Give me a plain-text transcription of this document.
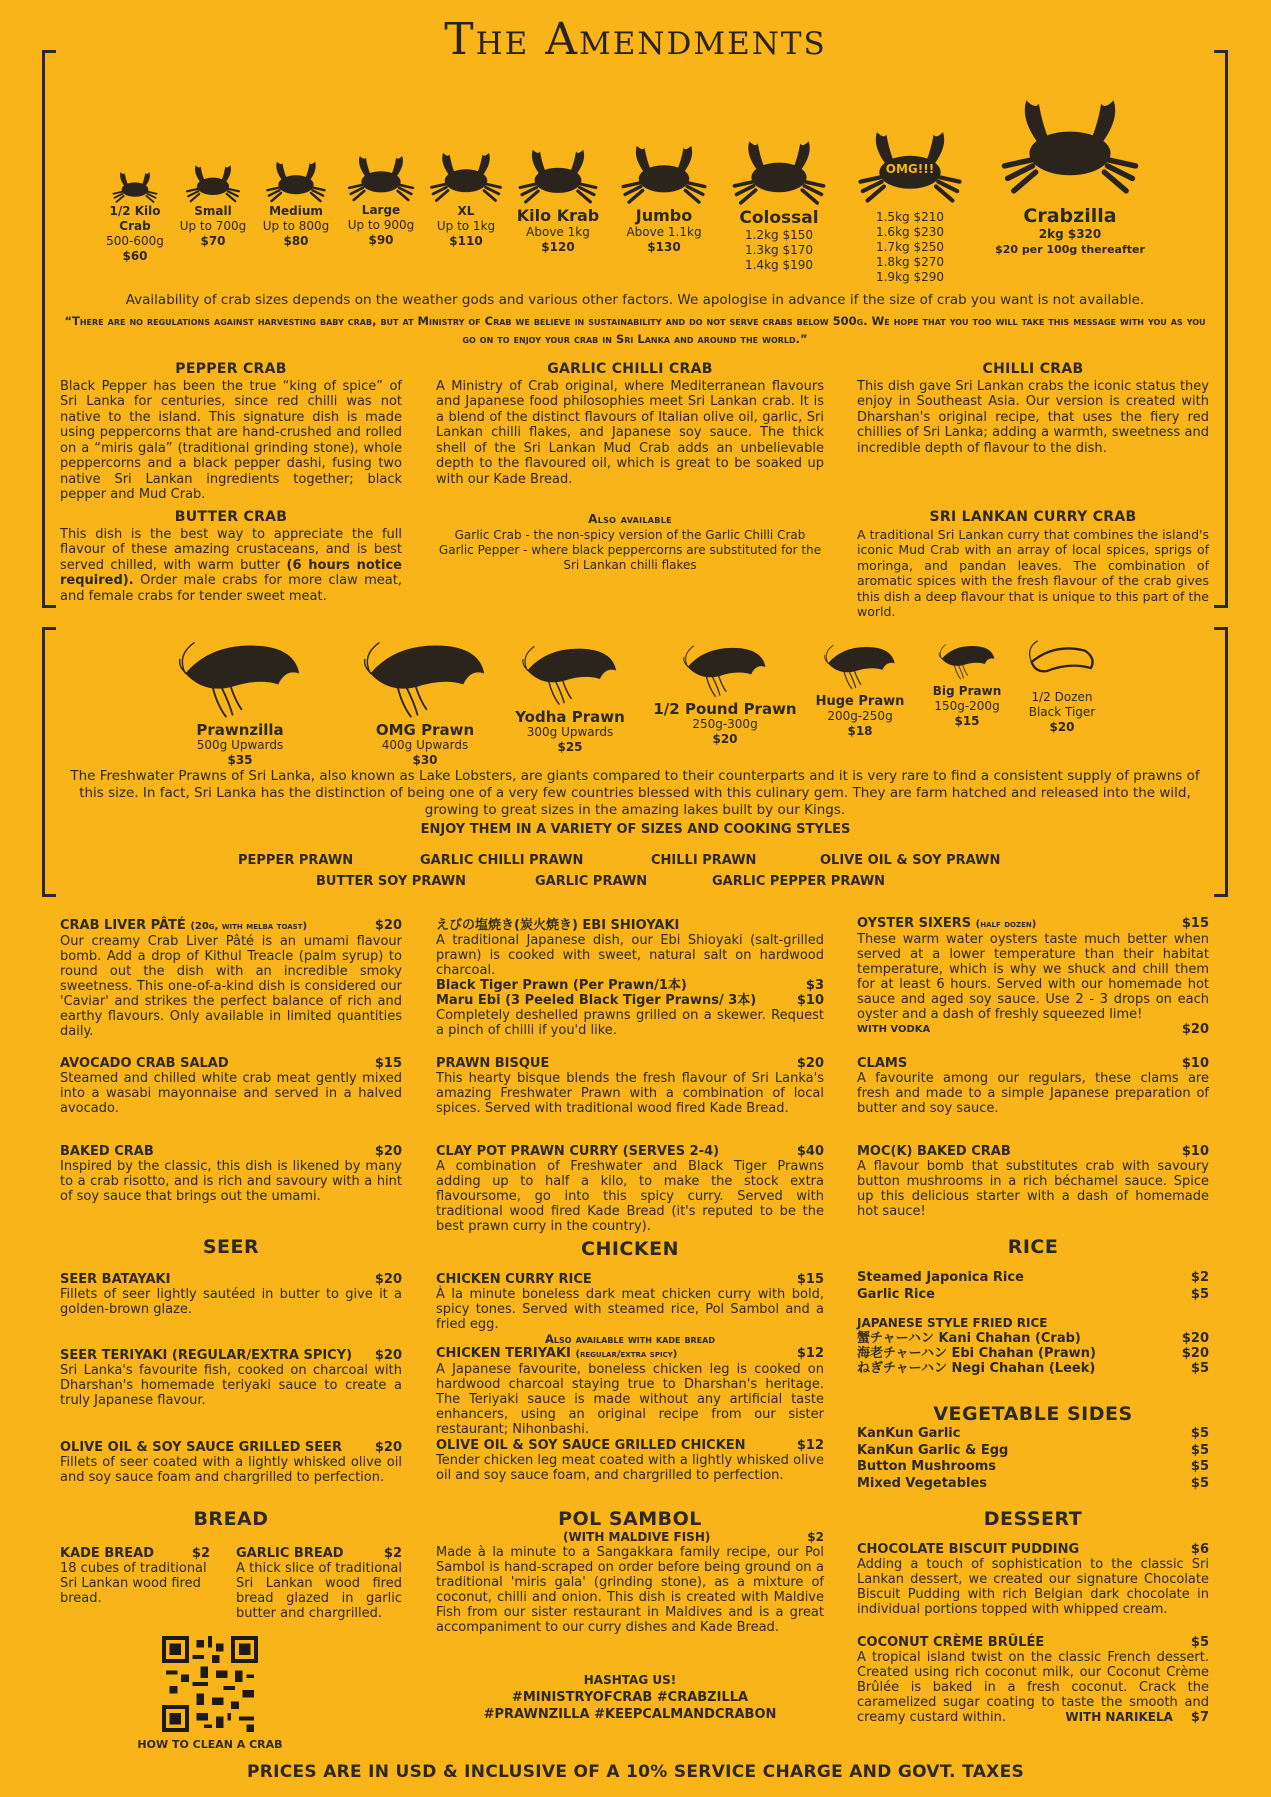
The Amendments
1/2 Kilo Crab
500-600g
$60
Small
Up to 700g
$70
Medium
Up to 800g
$80
Large
Up to 900g
$90
XL
Up to 1kg
$110
Kilo Krab
Above 1kg
$120
Jumbo
Above 1.1kg
$130
Colossal
1.2kg $150
1.3kg $170
1.4kg $190
OMG!!!
1.5kg $210
1.6kg $230
1.7kg $250
1.8kg $270
1.9kg $290
Crabzilla
2kg $320
$20 per 100g thereafter
Availability of crab sizes depends on the weather gods and various other factors. We apologise in advance if the size of crab you want is not available.
“There are no regulations against harvesting baby crab, but at Ministry of Crab we believe in sustainability and do not serve crabs below 500g. We hope that you too will take this message with you as you go on to enjoy your crab in Sri Lanka and around the world.”
PEPPER CRAB

Black Pepper has been the true “king of spice” of Sri Lanka for centuries, since red chilli was not native to the island. This signature dish is made using peppercorns that are hand-crushed and rolled on a “miris gala” (traditional grinding stone), whole peppercorns and a black pepper dashi, fusing two native Sri Lankan ingredients together; black pepper and Mud Crab.

GARLIC CHILLI CRAB

A Ministry of Crab original, where Mediterranean flavours and Japanese food philosophies meet Sri Lankan crab. It is a blend of the distinct flavours of Italian olive oil, garlic, Sri Lankan chilli flakes, and Japanese soy sauce. The thick shell of the Sri Lankan Mud Crab adds an unbelievable depth to the flavoured oil, which is great to be soaked up with our Kade Bread.

CHILLI CRAB

This dish gave Sri Lankan crabs the iconic status they enjoy in Southeast Asia. Our version is created with Dharshan's original recipe, that uses the fiery red chillies of Sri Lanka; adding a warmth, sweetness and incredible depth of flavour to the dish.

BUTTER CRAB

This dish is the best way to appreciate the full flavour of these amazing crustaceans, and is best served chilled, with warm butter (6 hours notice required). Order male crabs for more claw meat, and female crabs for tender sweet meat.

Also available

Garlic Crab - the non-spicy version of the Garlic Chilli Crab

Garlic Pepper - where black peppercorns are substituted for the Sri Lankan chilli flakes

SRI LANKAN CURRY CRAB

A traditional Sri Lankan curry that combines the island's iconic Mud Crab with an array of local spices, sprigs of moringa, and pandan leaves. The combination of aromatic spices with the fresh flavour of the crab gives this dish a deep flavour that is unique to this part of the world.

Prawnzilla
500g Upwards
$35
OMG Prawn
400g Upwards
$30
Yodha Prawn
300g Upwards
$25
1/2 Pound Prawn
250g-300g
$20
Huge Prawn
200g-250g
$18
Big Prawn
150g-200g
$15
1/2 Dozen Black Tiger
$20
The Freshwater Prawns of Sri Lanka, also known as Lake Lobsters, are giants compared to their counterparts and it is very rare to find a consistent supply of prawns of this size. In fact, Sri Lanka has the distinction of being one of a very few countries blessed with this culinary gem. They are farm hatched and released into the wild, growing to great sizes in the amazing lakes built by our Kings.
ENJOY THEM IN A VARIETY OF SIZES AND COOKING STYLES
PEPPER PRAWN	GARLIC CHILLI PRAWN	CHILLI PRAWN	OLIVE OIL & SOY PRAWN
BUTTER SOY PRAWN	GARLIC PRAWN	GARLIC PEPPER PRAWN
CRAB LIVER PÂTÉ (20g, with melba toast)	$20

Our creamy Crab Liver Pâté is an umami flavour bomb. Add a drop of Kithul Treacle (palm syrup) to round out the dish with an incredible smoky sweetness. This one-of-a-kind dish is considered our 'Caviar' and strikes the perfect balance of rich and earthy flavours. Only available in limited quantities daily.

えびの塩焼き(炭火焼き) EBI SHIOYAKI

A traditional Japanese dish, our Ebi Shioyaki (salt-grilled prawn) is cooked with sweet, natural salt on hardwood charcoal.

Black Tiger Prawn (Per Prawn/1本)	$3
Maru Ebi (3 Peeled Black Tiger Prawns/ 3本)	$10

Completely deshelled prawns grilled on a skewer. Request a pinch of chilli if you'd like.

OYSTER SIXERS (half dozen)	$15

These warm water oysters taste much better when served at a lower temperature than their habitat temperature, which is why we shuck and chill them for at least 6 hours. Served with our homemade hot sauce and aged soy sauce. Use 2 - 3 drops on each oyster and a dash of freshly squeezed lime!

WITH VODKA	$20
AVOCADO CRAB SALAD	$15

Steamed and chilled white crab meat gently mixed into a wasabi mayonnaise and served in a halved avocado.

PRAWN BISQUE	$20

This hearty bisque blends the fresh flavour of Sri Lanka's amazing Freshwater Prawn with a combination of local spices. Served with traditional wood fired Kade Bread.

CLAMS	$10

A favourite among our regulars, these clams are fresh and made to a simple Japanese preparation of butter and soy sauce.

BAKED CRAB	$20

Inspired by the classic, this dish is likened by many to a crab risotto, and is rich and savoury with a hint of soy sauce that brings out the umami.

CLAY POT PRAWN CURRY (SERVES 2-4)	$40

A combination of Freshwater and Black Tiger Prawns adding up to half a kilo, to make the stock extra flavoursome, go into this spicy curry. Served with traditional wood fired Kade Bread (it's reputed to be the best prawn curry in the country).

MOC(K) BAKED CRAB	$10

A flavour bomb that substitutes crab with savoury button mushrooms in a rich béchamel sauce. Spice up this delicious starter with a dash of homemade hot sauce!

SEER	CHICKEN	RICE
SEER BATAYAKI	$20

Fillets of seer lightly sautéed in butter to give it a golden-brown glaze.

SEER TERIYAKI (REGULAR/EXTRA SPICY) $20

Sri Lanka's favourite fish, cooked on charcoal with Dharshan's homemade teriyaki sauce to create a truly Japanese flavour.

OLIVE OIL & SOY SAUCE GRILLED SEER	$20

Fillets of seer coated with a lightly whisked olive oil and soy sauce foam and chargrilled to perfection.

CHICKEN CURRY RICE	$15

À la minute boneless dark meat chicken curry with bold, spicy tones. Served with steamed rice, Pol Sambol and a fried egg.

Also available with kade bread

CHICKEN TERIYAKI (regular/extra spicy)	$12

A Japanese favourite, boneless chicken leg is cooked on hardwood charcoal staying true to Dharshan's heritage. The Teriyaki sauce is made without any artificial taste enhancers, using an original recipe from our sister restaurant; Nihonbashi.

OLIVE OIL & SOY SAUCE GRILLED CHICKEN	$12

Tender chicken leg meat coated with a lightly whisked olive oil and soy sauce foam, and chargrilled to perfection.

Steamed Japonica Rice	$2
Garlic Rice	$5
JAPANESE STYLE FRIED RICE
蟹チャーハン Kani Chahan (Crab)	$20
海老チャーハン Ebi Chahan (Prawn)	$20
ねぎチャーハン Negi Chahan (Leek)	$5
VEGETABLE SIDES
KanKun Garlic	$5
KanKun Garlic & Egg	$5
Button Mushrooms	$5
Mixed Vegetables	$5
BREAD
KADE BREAD	$2

18 cubes of traditional Sri Lankan wood fired bread.

GARLIC BREAD	$2

A thick slice of traditional Sri Lankan wood fired bread glazed in garlic butter and chargrilled.

HOW TO CLEAN A CRAB
POL SAMBOL
(WITH MALDIVE FISH)	$2

Made à la minute to a Sangakkara family recipe, our Pol Sambol is hand-scraped on order before being ground on a traditional 'miris gala' (grinding stone), as a mixture of coconut, chilli and onion. This dish is created with Maldive Fish from our sister restaurant in Maldives and is a great accompaniment to our curry dishes and Kade Bread.

HASHTAG US!
#MINISTRYOFCRAB #CRABZILLA
#PRAWNZILLA #KEEPCALMANDCRABON
DESSERT
CHOCOLATE BISCUIT PUDDING	$6

Adding a touch of sophistication to the classic Sri Lankan dessert, we created our signature Chocolate Biscuit Pudding with rich Belgian dark chocolate in individual portions topped with whipped cream.

COCONUT CRÈME BRÛLÉE	$5

A tropical island twist on the classic French dessert. Created using rich coconut milk, our Coconut Crème Brûlée is baked in a fresh coconut. Crack the caramelized sugar coating to taste the smooth and creamy custard within.	WITH NARIKELA $7
PRICES ARE IN USD & INCLUSIVE OF A 10% SERVICE CHARGE AND GOVT. TAXES
